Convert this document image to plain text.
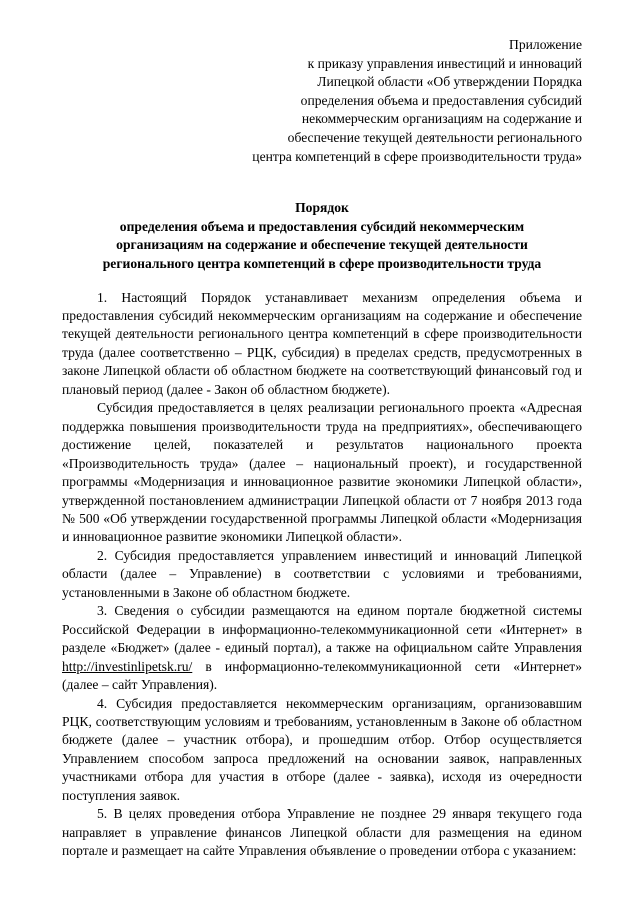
Приложение
к приказу управления инвестиций и инноваций
Липецкой области «Об утверждении Порядка
определения объема и предоставления субсидий
некоммерческим организациям на содержание и
обеспечение текущей деятельности регионального
центра компетенций в сфере производительности труда»
Порядок
определения объема и предоставления субсидий некоммерческим
организациям на содержание и обеспечение текущей деятельности
регионального центра компетенций в сфере производительности труда

1. Настоящий Порядок устанавливает механизм определения объема и предоставления субсидий некоммерческим организациям на содержание и обеспечение текущей деятельности регионального центра компетенций в сфере производительности труда (далее соответственно – РЦК, субсидия) в пределах средств, предусмотренных в законе Липецкой области об областном бюджете на соответствующий финансовый год и плановый период (далее - Закон об областном бюджете).

Субсидия предоставляется в целях реализации регионального проекта «Адресная поддержка повышения производительности труда на предприятиях», обеспечивающего достижение целей, показателей и результатов национального проекта «Производительность труда» (далее – национальный проект), и государственной программы «Модернизация и инновационное развитие экономики Липецкой области», утвержденной постановлением администрации Липецкой области от 7 ноября 2013 года № 500 «Об утверждении государственной программы Липецкой области «Модернизация и инновационное развитие экономики Липецкой области».

2. Субсидия предоставляется управлением инвестиций и инноваций Липецкой области (далее – Управление) в соответствии с условиями и требованиями, установленными в Законе об областном бюджете.

3. Сведения о субсидии размещаются на едином портале бюджетной системы Российской Федерации в информационно-телекоммуникационной сети «Интернет» в разделе «Бюджет» (далее - единый портал), а также на официальном сайте Управления http://investinlipetsk.ru/ в информационно-телекоммуникационной сети «Интернет» (далее – сайт Управления).

4. Субсидия предоставляется некоммерческим организациям, организовавшим РЦК, соответствующим условиям и требованиям, установленным в Законе об областном бюджете (далее – участник отбора), и прошедшим отбор. Отбор осуществляется Управлением способом запроса предложений на основании заявок, направленных участниками отбора для участия в отборе (далее - заявка), исходя из очередности поступления заявок.

5. В целях проведения отбора Управление не позднее 29 января текущего года направляет в управление финансов Липецкой области для размещения на едином портале и размещает на сайте Управления объявление о проведении отбора с указанием:
